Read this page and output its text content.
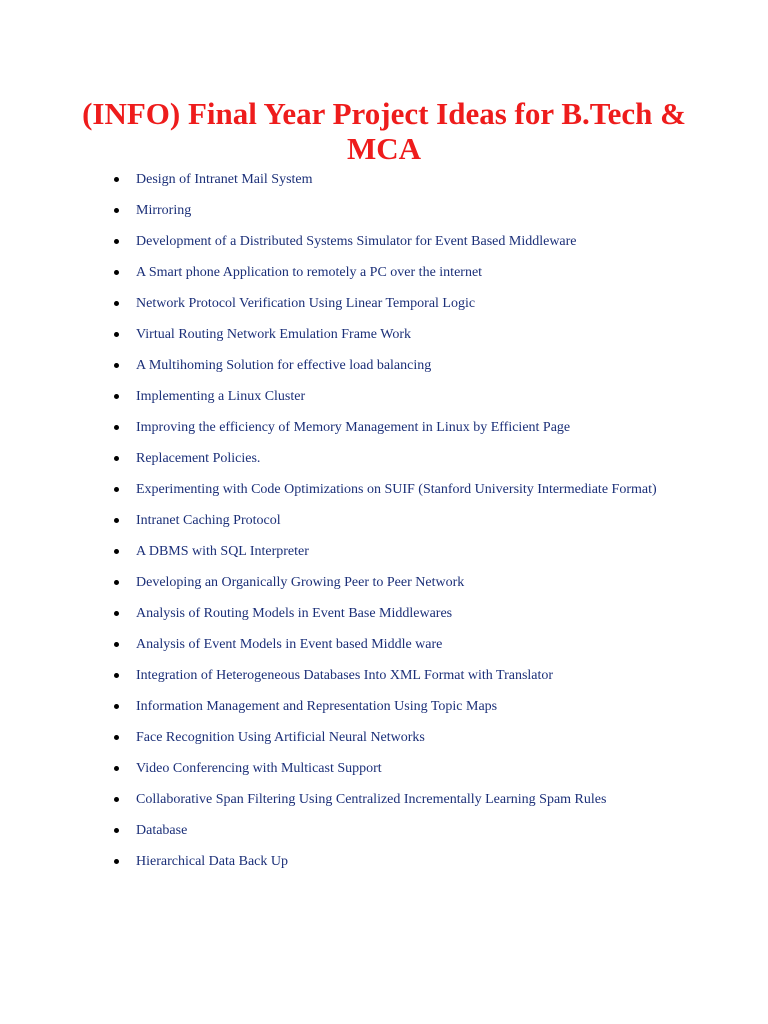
(INFO) Final Year Project Ideas for B.Tech & MCA
Design of Intranet Mail System
Mirroring
Development of a Distributed Systems Simulator for Event Based Middleware
A Smart phone Application to remotely a PC over the internet
Network Protocol Verification Using Linear Temporal Logic
Virtual Routing Network Emulation Frame Work
A Multihoming Solution for effective load balancing
Implementing a Linux Cluster
Improving the efficiency of Memory Management in Linux by Efficient Page
Replacement Policies.
Experimenting with Code Optimizations on SUIF (Stanford University Intermediate Format)
Intranet Caching Protocol
A DBMS with SQL Interpreter
Developing an Organically Growing Peer to Peer Network
Analysis of Routing Models in Event Base Middlewares
Analysis of Event Models in Event based Middle ware
Integration of Heterogeneous Databases Into XML Format with Translator
Information Management and Representation Using Topic Maps
Face Recognition Using Artificial Neural Networks
Video Conferencing with Multicast Support
Collaborative Span Filtering Using Centralized Incrementally Learning Spam Rules
Database
Hierarchical Data Back Up
